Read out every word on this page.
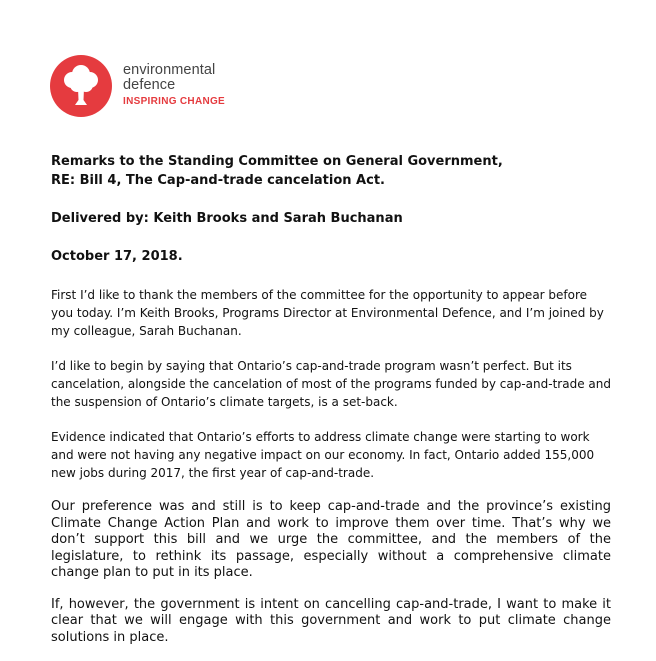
environmental
defence
INSPIRING CHANGE

Remarks to the Standing Committee on General Government,

RE: Bill 4, The Cap-and-trade cancelation Act.

Delivered by: Keith Brooks and Sarah Buchanan

October 17, 2018.

First I’d like to thank the members of the committee for the opportunity to appear before you today. I’m Keith Brooks, Programs Director at Environmental Defence, and I’m joined by my colleague, Sarah Buchanan.

I’d like to begin by saying that Ontario’s cap-and-trade program wasn’t perfect. But its cancelation, alongside the cancelation of most of the programs funded by cap-and-trade and the suspension of Ontario’s climate targets, is a set-back.

Evidence indicated that Ontario’s efforts to address climate change were starting to work and were not having any negative impact on our economy. In fact, Ontario added 155,000 new jobs during 2017, the first year of cap-and-trade.

Our preference was and still is to keep cap-and-trade and the province’s existing Climate Change Action Plan and work to improve them over time. That’s why we don’t support this bill and we urge the committee, and the members of the legislature, to rethink its passage, especially without a comprehensive climate change plan to put in its place.

If, however, the government is intent on cancelling cap-and-trade, I want to make it clear that we will engage with this government and work to put climate change solutions in place.
